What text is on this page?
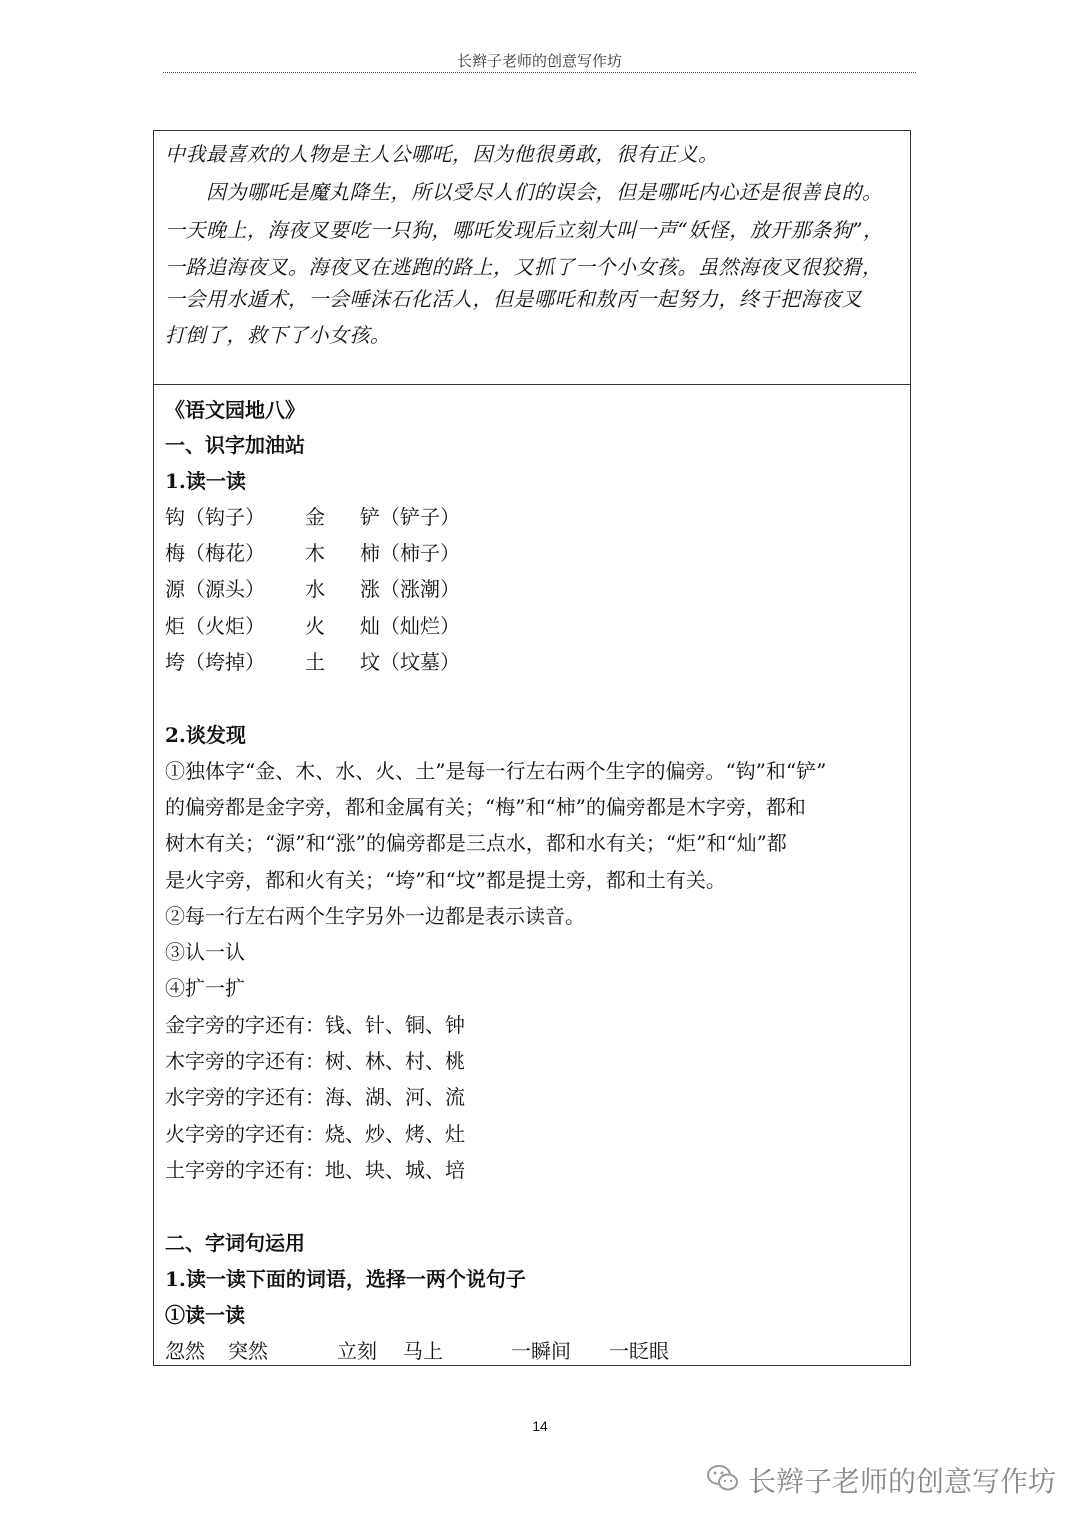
长辫子老师的创意写作坊
中我最喜欢的人物是主人公哪吒，因为他很勇敢，很有正义。
因为哪吒是魔丸降生，所以受尽人们的误会，但是哪吒内心还是很善良的。
一天晚上，海夜叉要吃一只狗，哪吒发现后立刻大叫一声“妖怪，放开那条狗”，
一路追海夜叉。海夜叉在逃跑的路上，又抓了一个小女孩。虽然海夜叉很狡猾，
一会用水遁术，一会唾沫石化活人，但是哪吒和敖丙一起努力，终于把海夜叉
打倒了，救下了小女孩。
《语文园地八》
一、识字加油站
1.读一读
钩（钩子） 金 铲（铲子）
梅（梅花） 木 柿（柿子）
源（源头） 水 涨（涨潮）
炬（火炬） 火 灿（灿烂）
垮（垮掉） 土 坟（坟墓）
2.谈发现
①独体字“金、木、水、火、土”是每一行左右两个生字的偏旁。“钩”和“铲”
的偏旁都是金字旁，都和金属有关；“梅”和“柿”的偏旁都是木字旁，都和
树木有关；“源”和“涨”的偏旁都是三点水，都和水有关；“炬”和“灿”都
是火字旁，都和火有关；“垮”和“坟”都是提土旁，都和土有关。
②每一行左右两个生字另外一边都是表示读音。
③认一认
④扩一扩
金字旁的字还有：钱、针、铜、钟
木字旁的字还有：树、林、村、桃
水字旁的字还有：海、湖、河、流
火字旁的字还有：烧、炒、烤、灶
土字旁的字还有：地、块、城、培
二、字词句运用
1.读一读下面的词语，选择一两个说句子
①读一读
忽然 突然	立刻 马上	一瞬间 一眨眼
14
长辫子老师的创意写作坊
